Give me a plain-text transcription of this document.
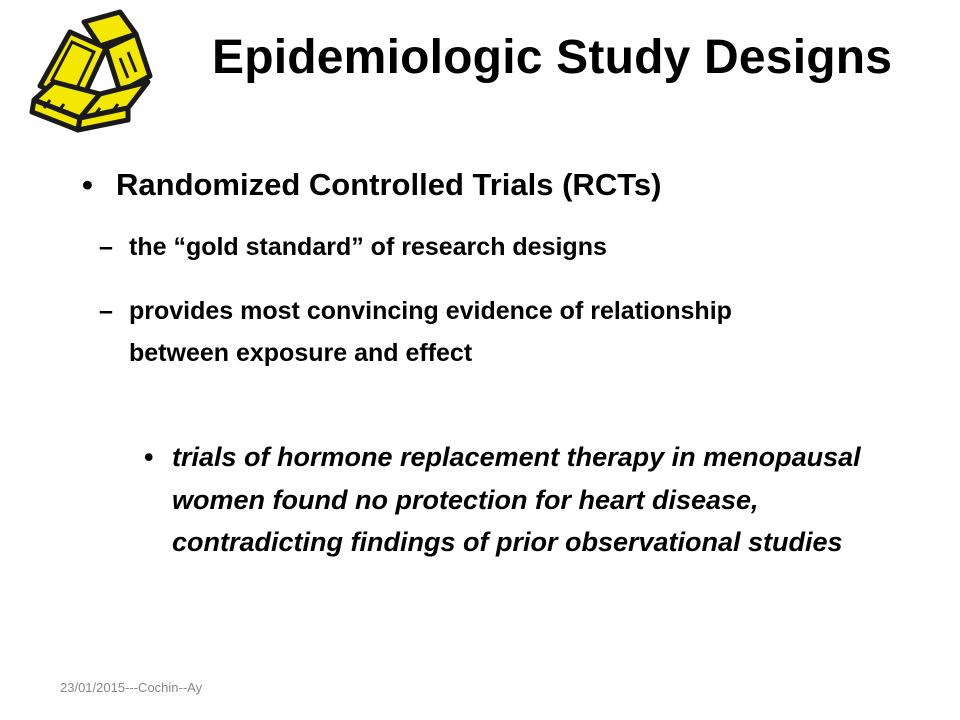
Epidemiologic Study Designs
• Randomized Controlled Trials (RCTs)
– the “gold standard” of research designs
– provides most convincing evidence of relationship between exposure and effect
• trials of hormone replacement therapy in menopausal women found no protection for heart disease, contradicting findings of prior observational studies
23/01/2015---Cochin--Ay
